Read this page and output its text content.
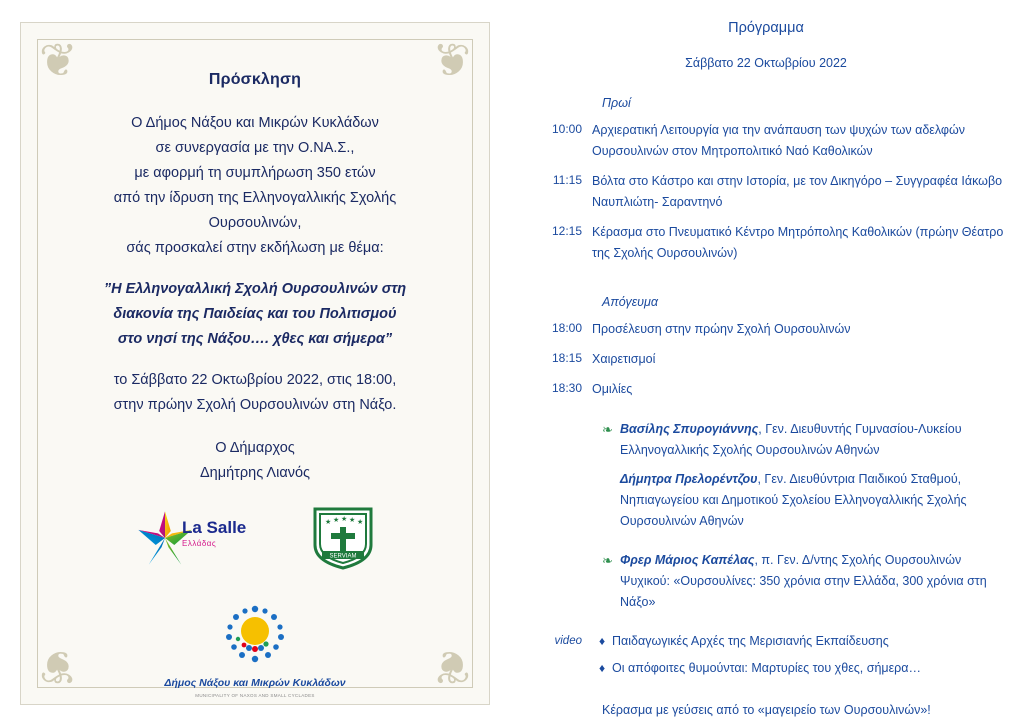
❦	❦
❦	❦
Πρόσκληση
Ο Δήμος Νάξου και Μικρών Κυκλάδων
σε συνεργασία με την Ο.ΝΑ.Σ.,
με αφορμή τη συμπλήρωση 350 ετών
από την ίδρυση της Ελληνογαλλικής Σχολής
Ουρσουλινών,
σάς προσκαλεί στην εκδήλωση με θέμα:
”Η Ελληνογαλλική Σχολή Ουρσουλινών στη
διακονία της Παιδείας και του Πολιτισμού
στο νησί της Νάξου…. χθες και σήμερα”
το Σάββατο 22 Οκτωβρίου 2022, στις 18:00,
στην πρώην Σχολή Ουρσουλινών στη Νάξο.
Ο Δήμαρχος
Δημήτρης Λιανός
La Salle
Ελλάδας
★ ★ ★ ★ ★
SERVIAM
Δήμος Νάξου και Μικρών Κυκλάδων
MUNICIPALITY OF NAXOS AND SMALL CYCLADES
Πρόγραμμα
Σάββατο 22 Οκτωβρίου 2022
Πρωί
10:00 Αρχιερατική Λειτουργία για την ανάπαυση των ψυχών των αδελφών Ουρσουλινών στον Μητροπολιτικό Ναό Καθολικών
11:15 Βόλτα στο Κάστρο και στην Ιστορία, με τον Δικηγόρο – Συγγραφέα Ιάκωβο Ναυπλιώτη- Σαραντηνό
12:15 Κέρασμα στο Πνευματικό Κέντρο Μητρόπολης Καθολικών (πρώην Θέατρο της Σχολής Ουρσουλινών)
Απόγευμα
18:00 Προσέλευση στην πρώην Σχολή Ουρσουλινών
18:15 Χαιρετισμοί
18:30 Ομιλίες
❧ Βασίλης Σπυρογιάννης, Γεν. Διευθυντής Γυμνασίου-Λυκείου Ελληνογαλλικής Σχολής Ουρσουλινών Αθηνών
Δήμητρα Πρελορέντζου, Γεν. Διευθύντρια Παιδικού Σταθμού, Νηπιαγωγείου και Δημοτικού Σχολείου Ελληνογαλλικής Σχολής Ουρσουλινών Αθηνών
❧ Φρερ Μάριος Καπέλας, π. Γεν. Δ/ντης Σχολής Ουρσουλινών Ψυχικού: «Ουρσουλίνες: 350 χρόνια στην Ελλάδα, 300 χρόνια στη Νάξο»
video	♦ Παιδαγωγικές Αρχές της Μερισιανής Εκπαίδευσης
♦ Οι απόφοιτες θυμούνται: Μαρτυρίες του χθες, σήμερα…
Κέρασμα με γεύσεις από το «μαγειρείο των Ουρσουλινών»!
